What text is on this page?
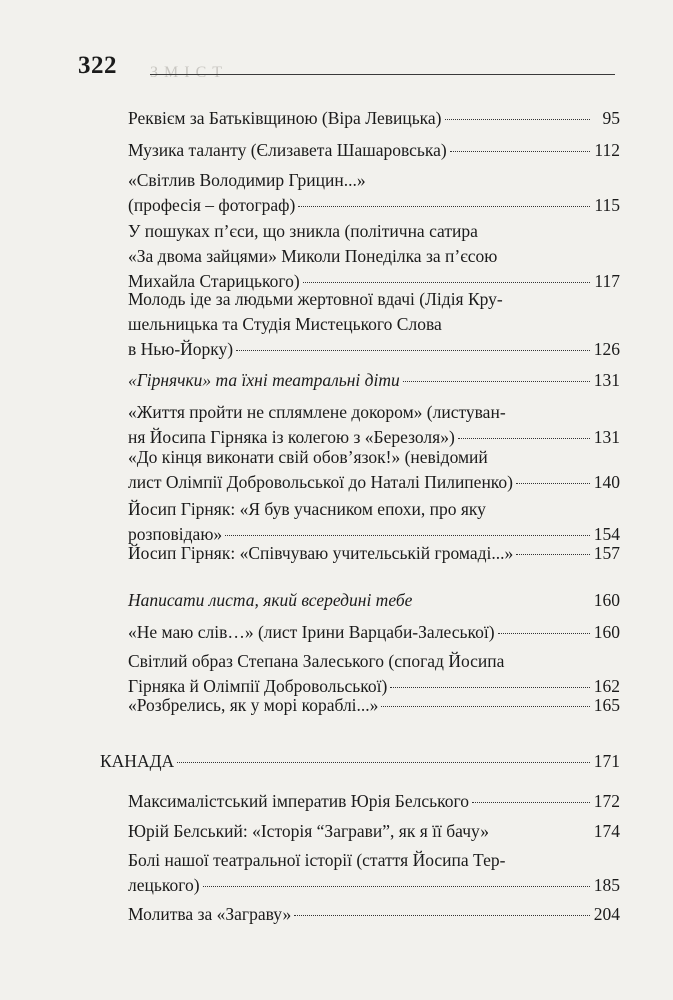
322 ЗМІСТ
Реквієм за Батьківщиною (Віра Левицька)	95
Музика таланту (Єлизавета Шашаровська)	112
«Світлив Володимир Грицин...»
(професія – фотограф)	115
У пошуках п’єси, що зникла (політична сатира
«За двома зайцями» Миколи Понеділка за п’єсою
Михайла Старицького)	117
Молодь іде за людьми жертовної вдачі (Лідія Кру-
шельницька та Студія Мистецького Слова
в Нью-Йорку)	126
«Гірнячки» та їхні театральні діти	131
«Життя пройти не сплямлене докором» (листуван-
ня Йосипа Гірняка із колегою з «Березоля»)	131
«До кінця виконати свій обов’язок!» (невідомий
лист Олімпії Добровольської до Наталі Пилипенко)	140
Йосип Гірняк: «Я був учасником епохи, про яку
розповідаю»	154
Йосип Гірняк: «Співчуваю учительській громаді...»	157
Написати листа, який всередині тебе	160
«Не маю слів…» (лист Ірини Варцаби-Залеської)	160
Світлий образ Степана Залеського (спогад Йосипа
Гірняка й Олімпії Добровольської)	162
«Розбрелись, як у морі кораблі...»	165
КАНАДА	171
Максималістський імператив Юрія Белського	172
Юрій Белський: «Історія “Заграви”, як я її бачу»	174
Болі нашої театральної історії (стаття Йосипа Тер-
лецького)	185
Молитва за «Заграву»	204
